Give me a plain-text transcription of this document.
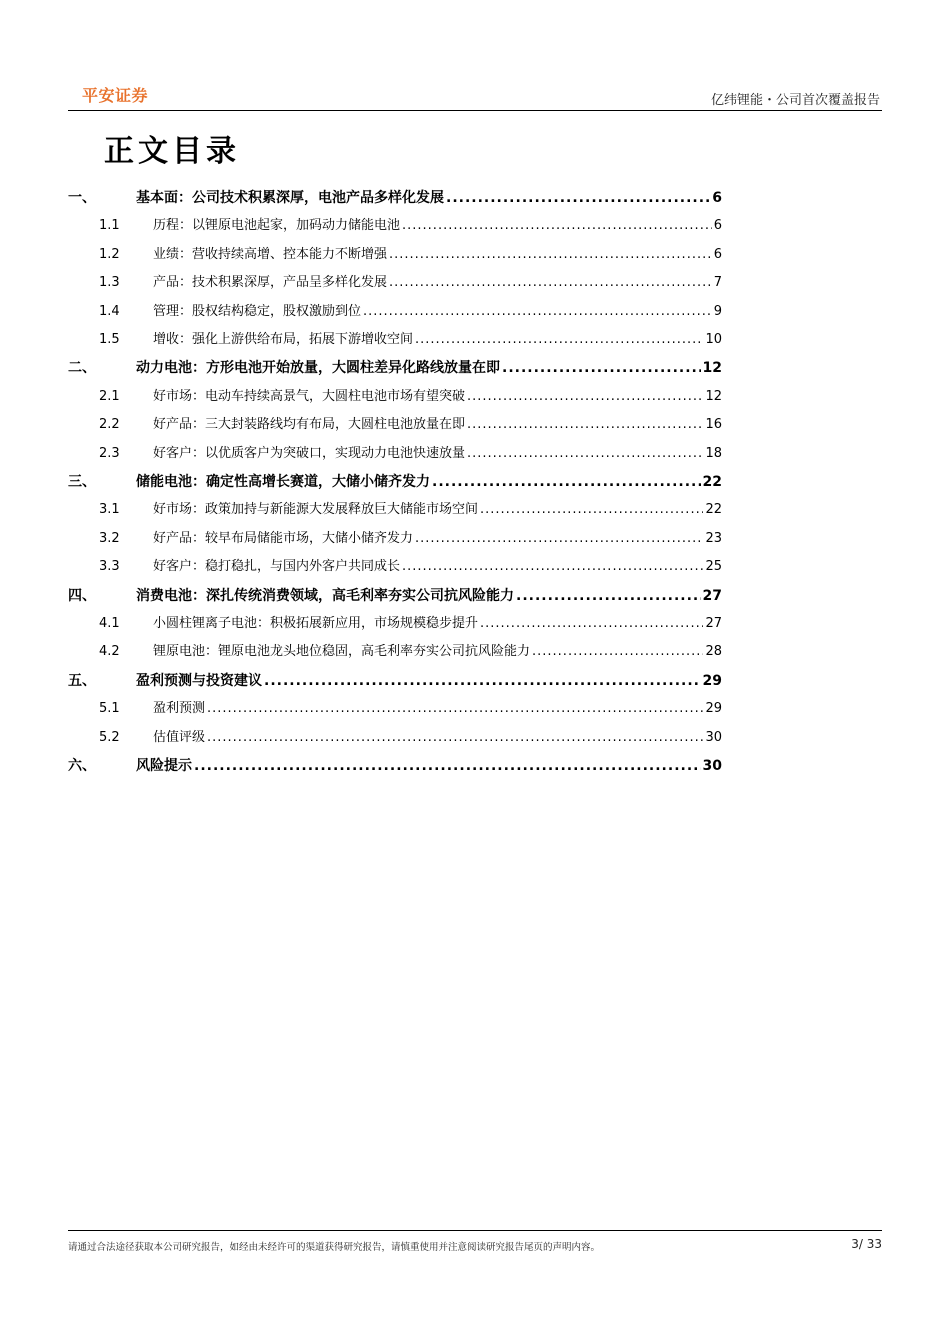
平安证券	亿纬锂能・公司首次覆盖报告
正文目录
一、	基本面：公司技术积累深厚，电池产品多样化发展 .....	6
1.1	历程：以锂原电池起家，加码动力储能电池 .....	6
1.2	业绩：营收持续高增、控本能力不断增强 .....	6
1.3	产品：技术积累深厚，产品呈多样化发展 .....	7
1.4	管理：股权结构稳定，股权激励到位 .....	9
1.5	增收：强化上游供给布局，拓展下游增收空间 .....	10
二、	动力电池：方形电池开始放量，大圆柱差异化路线放量在即 .....	12
2.1	好市场：电动车持续高景气，大圆柱电池市场有望突破 .....	12
2.2	好产品：三大封装路线均有布局，大圆柱电池放量在即 .....	16
2.3	好客户：以优质客户为突破口，实现动力电池快速放量 .....	18
三、	储能电池：确定性高增长赛道，大储小储齐发力 .....	22
3.1	好市场：政策加持与新能源大发展释放巨大储能市场空间 .....	22
3.2	好产品：较早布局储能市场，大储小储齐发力 .....	23
3.3	好客户：稳打稳扎，与国内外客户共同成长 .....	25
四、	消费电池：深扎传统消费领域，高毛利率夯实公司抗风险能力 .....	27
4.1	小圆柱锂离子电池：积极拓展新应用，市场规模稳步提升 .....	27
4.2	锂原电池：锂原电池龙头地位稳固，高毛利率夯实公司抗风险能力 .....	28
五、	盈利预测与投资建议 .....	29
5.1	盈利预测 .....	29
5.2	估值评级 .....	30
六、	风险提示 .....	30
请通过合法途径获取本公司研究报告，如经由未经许可的渠道获得研究报告，请慎重使用并注意阅读研究报告尾页的声明内容。	3/ 33
